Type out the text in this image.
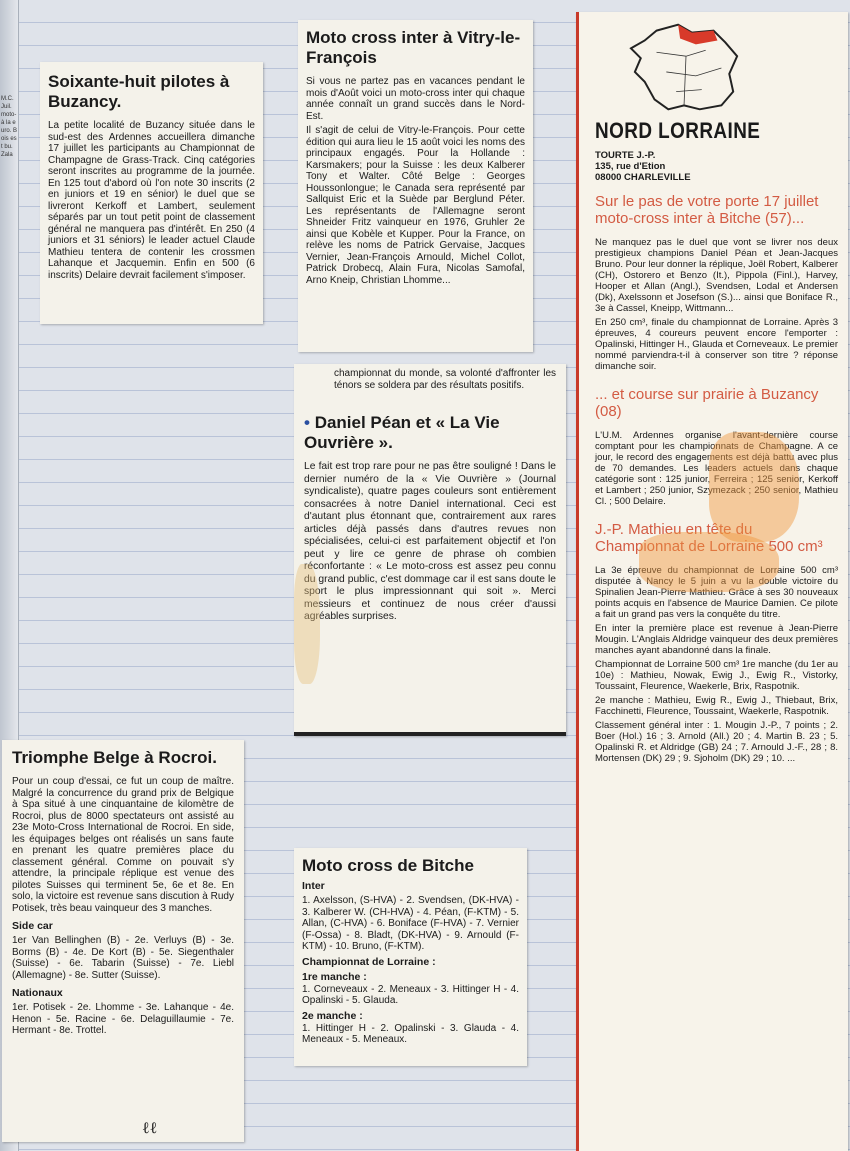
M.C. Juil. moto- à la euro. Bois est bu. Zala
Soixante-huit pilotes à Buzancy.

La petite localité de Buzancy située dans le sud-est des Ardennes accueillera dimanche 17 juillet les participants au Championnat de Champagne de Grass-Track. Cinq catégories seront inscrites au programme de la journée. En 125 tout d'abord où l'on note 30 inscrits (2 en juniors et 19 en sénior) le duel que se livreront Kerkoff et Lambert, seulement séparés par un tout petit point de classement général ne manquera pas d'intérêt. En 250 (4 juniors et 31 séniors) le leader actuel Claude Mathieu tentera de contenir les crossmen Lahanque et Jacquemin. Enfin en 500 (6 inscrits) Delaire devrait facilement s'imposer.

Moto cross inter à Vitry-le-François

Si vous ne partez pas en vacances pendant le mois d'Août voici un moto-cross inter qui chaque année connaît un grand succès dans le Nord-Est.

Il s'agit de celui de Vitry-le-François. Pour cette édition qui aura lieu le 15 août voici les noms des principaux engagés. Pour la Hollande : Karsmakers; pour la Suisse : les deux Kalberer Tony et Walter. Côté Belge : Georges Houssonlongue; le Canada sera représenté par Sallquist Eric et la Suède par Berglund Péter. Les représentants de l'Allemagne seront Shneider Fritz vainqueur en 1976, Gruhler 2e ainsi que Kobèle et Kupper. Pour la France, on relève les noms de Patrick Gervaise, Jacques Vernier, Jean-François Arnould, Michel Collot, Patrick Drobecq, Alain Fura, Nicolas Samofal, Arno Kneip, Christian Lhomme...

championnat du monde, sa volonté d'affronter les ténors se soldera par des résultats positifs.

• Daniel Péan et « La Vie Ouvrière ».

Le fait est trop rare pour ne pas être souligné ! Dans le dernier numéro de la « Vie Ouvrière » (Journal syndicaliste), quatre pages couleurs sont entièrement consacrées à notre Daniel international. Ceci est d'autant plus étonnant que, contrairement aux rares articles déjà passés dans d'autres revues non spécialisées, celui-ci est parfaitement objectif et l'on peut y lire ce genre de phrase oh combien réconfortante : « Le moto-cross est assez peu connu du grand public, c'est dommage car il est sans doute le sport le plus impressionnant qui soit ». Merci messieurs et continuez de nous créer d'aussi agréables surprises.

Triomphe Belge à Rocroi.

Pour un coup d'essai, ce fut un coup de maître. Malgré la concurrence du grand prix de Belgique à Spa situé à une cinquantaine de kilomètre de Rocroi, plus de 8000 spectateurs ont assisté au 23e Moto-Cross International de Rocroi. En side, les équipages belges ont réalisés un sans faute en prenant les quatre premières place du classement général. Comme on pouvait s'y attendre, la principale réplique est venue des pilotes Suisses qui terminent 5e, 6e et 8e. En solo, la victoire est revenue sans discution à Rudy Potisek, très beau vainqueur des 3 manches.

Side car

1er Van Bellinghen (B) - 2e. Verluys (B) - 3e. Borms (B) - 4e. De Kort (B) - 5e. Siegenthaler (Suisse) - 6e. Tabarin (Suisse) - 7e. Liebl (Allemagne) - 8e. Sutter (Suisse).

Nationaux

1er. Potisek - 2e. Lhomme - 3e. Lahanque - 4e. Henon - 5e. Racine - 6e. Delaguillaumie - 7e. Hermant - 8e. Trottel.

ℓℓ
Moto cross de Bitche
Inter

1. Axelsson, (S-HVA) - 2. Svendsen, (DK-HVA) - 3. Kalberer W. (CH-HVA) - 4. Péan, (F-KTM) - 5. Allan, (C-HVA) - 6. Boniface (F-HVA) - 7. Vernier (F-Ossa) - 8. Bladt, (DK-HVA) - 9. Arnould (F-KTM) - 10. Bruno, (F-KTM).

Championnat de Lorraine :
1re manche :

1. Corneveaux - 2. Meneaux - 3. Hittinger H - 4. Opalinski - 5. Glauda.

2e manche :

1. Hittinger H - 2. Opalinski - 3. Glauda - 4. Meneaux - 5. Meneaux.

NORD LORRAINE
TOURTE J.-P.
135, rue d'Etion
08000 CHARLEVILLE
Sur le pas de votre porte 17 juillet moto-cross inter à Bitche (57)...

Ne manquez pas le duel que vont se livrer nos deux prestigieux champions Daniel Péan et Jean-Jacques Bruno. Pour leur donner la réplique, Joël Robert, Kalberer (CH), Ostorero et Benzo (It.), Pippola (Finl.), Harvey, Hooper et Allan (Angl.), Svendsen, Lodal et Andersen (Dk), Axelssonn et Josefson (S.)... ainsi que Boniface R., 3e à Cassel, Kneipp, Wittmann...

En 250 cm³, finale du championnat de Lorraine. Après 3 épreuves, 4 coureurs peuvent encore l'emporter : Opalinski, Hittinger H., Glauda et Corneveaux. Le premier nommé parviendra-t-il à conserver son titre ? réponse dimanche soir.

... et course sur prairie à Buzancy (08)

L'U.M. Ardennes organise l'avant-dernière course comptant pour les championnats de Champagne. A ce jour, le record des engagements est déjà battu avec plus de 70 demandes. Les leaders actuels dans chaque catégorie sont : 125 junior, Ferreira ; 125 senior, Kerkoff et Lambert ; 250 junior, Szymezack ; 250 senior, Mathieu Cl. ; 500 Delaire.

J.-P. Mathieu en tête du Championnat de Lorraine 500 cm³

La 3e épreuve du championnat de Lorraine 500 cm³ disputée à Nancy le 5 juin a vu la double victoire du Spinalien Jean-Pierre Mathieu. Grâce à ses 30 nouveaux points acquis en l'absence de Maurice Damien. Ce pilote a fait un grand pas vers la conquête du titre.

En inter la première place est revenue à Jean-Pierre Mougin. L'Anglais Aldridge vainqueur des deux premières manches ayant abandonné dans la finale.

Championnat de Lorraine 500 cm³ 1re manche (du 1er au 10e) : Mathieu, Nowak, Ewig J., Ewig R., Vistorky, Toussaint, Fleurence, Waekerle, Brix, Raspotnik.

2e manche : Mathieu, Ewig R., Ewig J., Thiebaut, Brix, Facchinetti, Fleurence, Toussaint, Waekerle, Raspotnik.

Classement général inter : 1. Mougin J.-P., 7 points ; 2. Boer (Hol.) 16 ; 3. Arnold (All.) 20 ; 4. Martin B. 23 ; 5. Opalinski R. et Aldridge (GB) 24 ; 7. Arnould J.-F., 28 ; 8. Mortensen (DK) 29 ; 9. Sjoholm (DK) 29 ; 10. ...
